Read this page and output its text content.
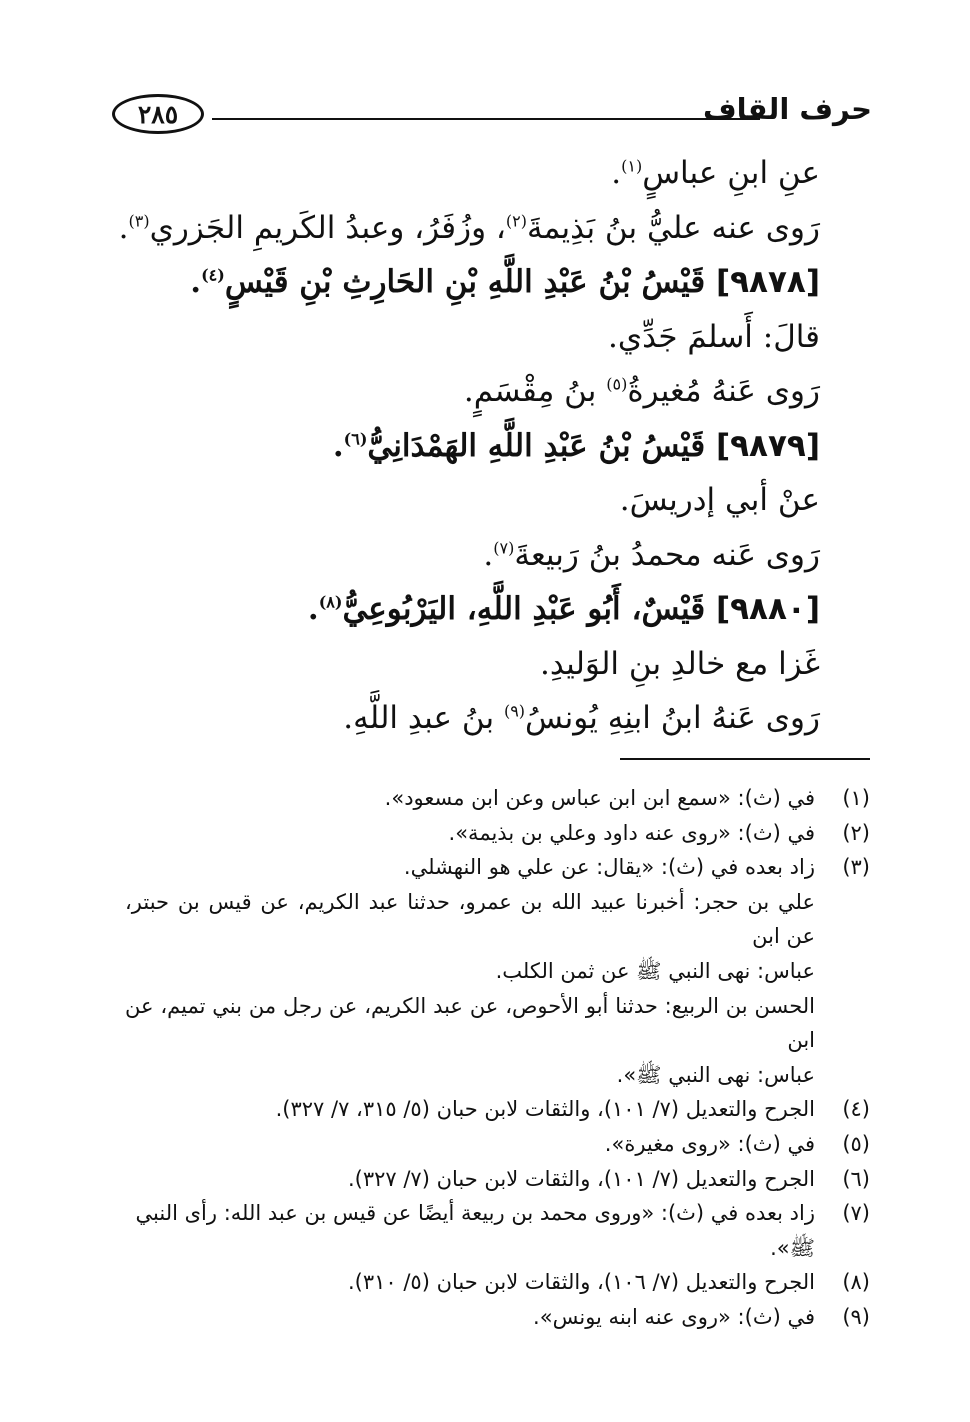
٢٨٥	حرف القاف
عنِ ابنِ عباسٍ$^{(١)}$.
رَوى عنه عليُّ بنُ بَذِيمةَ$^{(٢)}$، وزُفَرُ، وعبدُ الكَريمِ الجَزري$^{(٣)}$.
[٩٨٧٨] قَيْسُ بْنُ عَبْدِ اللَّهِ بْنِ الحَارِثِ بْنِ قَيْسٍ$^{(٤)}$.
قالَ: أَسلمَ جَدِّي.
رَوى عَنهُ مُغيرةُ$^{(٥)}$ بنُ مِقْسَمٍ.
[٩٨٧٩] قَيْسُ بْنُ عَبْدِ اللَّهِ الهَمْدَانِيُّ$^{(٦)}$.
عنْ أبي إدريسَ.
رَوى عَنه محمدُ بنُ رَبيعةَ$^{(٧)}$.
[٩٨٨٠] قَيْسٌ، أَبُو عَبْدِ اللَّهِ، اليَرْبُوعِيُّ$^{(٨)}$.
غَزا مع خالدِ بنِ الوَليدِ.
رَوى عَنهُ ابنُ ابنِهِ يُونسُ$^{(٩)}$ بنُ عبدِ اللَّهِ.
(١)
في (ث): «سمع ابن ابن عباس وعن ابن مسعود».
(٢)
في (ث): «روى عنه داود وعلي بن بذيمة».
(٣)
زاد بعده في (ث): «يقال: عن علي هو النهشلي.
علي بن حجر: أخبرنا عبيد الله بن عمرو، حدثنا عبد الكريم، عن قيس بن حبتر، عن ابن
عباس: نهى النبي ﷺ عن ثمن الكلب.
الحسن بن الربيع: حدثنا أبو الأحوص، عن عبد الكريم، عن رجل من بني تميم، عن ابن
عباس: نهى النبي ﷺ».
(٤)
الجرح والتعديل (٧/ ١٠١)، والثقات لابن حبان (٥/ ٣١٥، ٧/ ٣٢٧).
(٥)
في (ث): «روى مغيرة».
(٦)
الجرح والتعديل (٧/ ١٠١)، والثقات لابن حبان (٧/ ٣٢٧).
(٧)
زاد بعده في (ث): «وروى محمد بن ربيعة أيضًا عن قيس بن عبد الله: رأى النبي ﷺ».
(٨)
الجرح والتعديل (٧/ ١٠٦)، والثقات لابن حبان (٥/ ٣١٠).
(٩)
في (ث): «روى عنه ابنه يونس».
